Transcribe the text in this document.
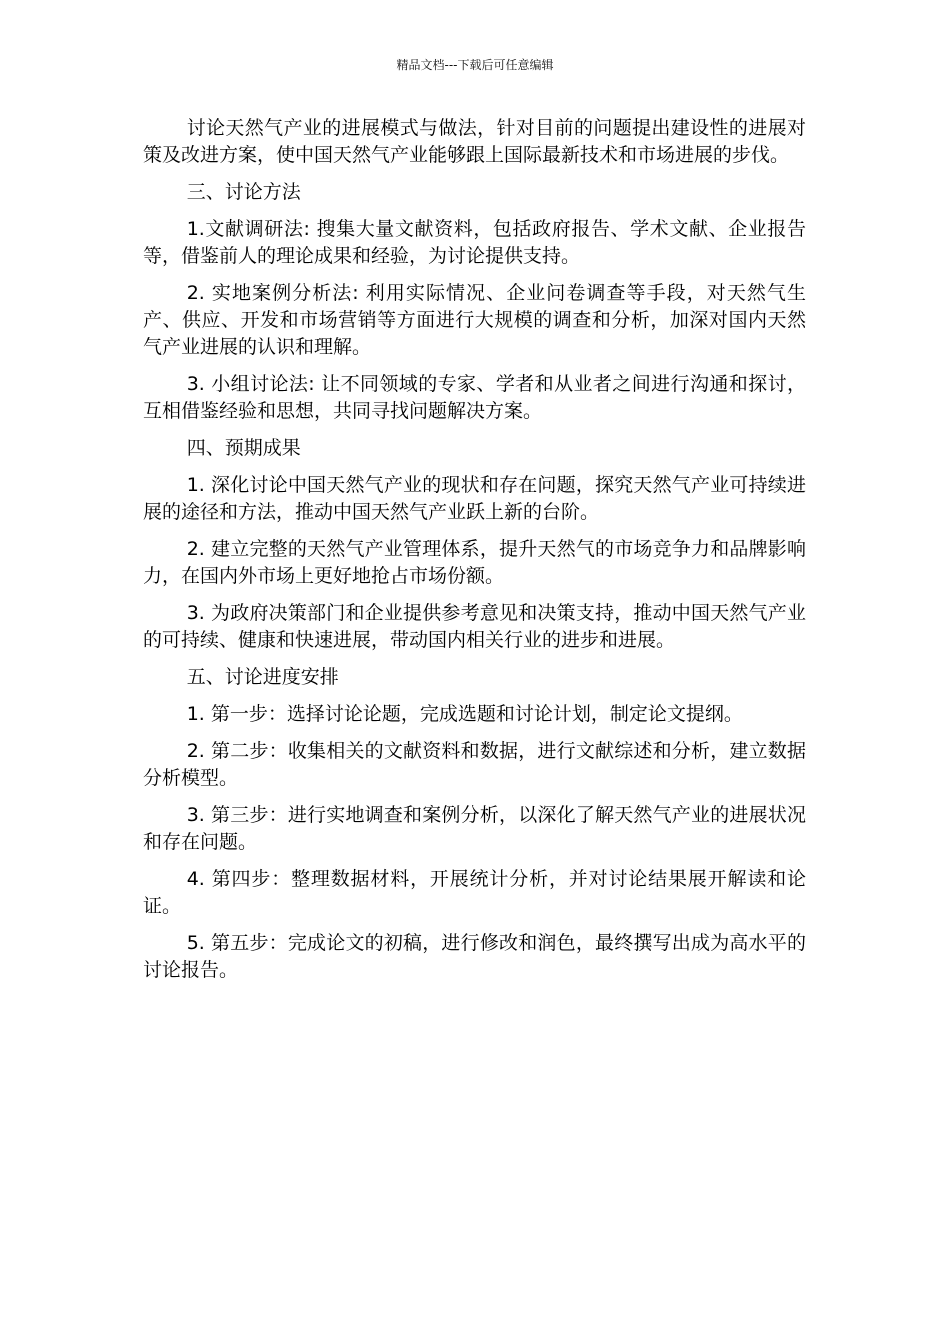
精品文档---下载后可任意编辑

讨论天然气产业的进展模式与做法，针对目前的问题提出建设性的进展对策及改进方案，使中国天然气产业能够跟上国际最新技术和市场进展的步伐。

三、讨论方法

1.文献调研法: 搜集大量文献资料，包括政府报告、学术文献、企业报告等，借鉴前人的理论成果和经验，为讨论提供支持。

2. 实地案例分析法: 利用实际情况、企业问卷调查等手段，对天然气生产、供应、开发和市场营销等方面进行大规模的调查和分析，加深对国内天然气产业进展的认识和理解。

3. 小组讨论法: 让不同领域的专家、学者和从业者之间进行沟通和探讨，互相借鉴经验和思想，共同寻找问题解决方案。

四、预期成果

1. 深化讨论中国天然气产业的现状和存在问题，探究天然气产业可持续进展的途径和方法，推动中国天然气产业跃上新的台阶。

2. 建立完整的天然气产业管理体系，提升天然气的市场竞争力和品牌影响力，在国内外市场上更好地抢占市场份额。

3. 为政府决策部门和企业提供参考意见和决策支持，推动中国天然气产业的可持续、健康和快速进展，带动国内相关行业的进步和进展。

五、讨论进度安排

1. 第一步：选择讨论论题，完成选题和讨论计划，制定论文提纲。

2. 第二步：收集相关的文献资料和数据，进行文献综述和分析，建立数据分析模型。

3. 第三步：进行实地调查和案例分析，以深化了解天然气产业的进展状况和存在问题。

4. 第四步：整理数据材料，开展统计分析，并对讨论结果展开解读和论证。

5. 第五步：完成论文的初稿，进行修改和润色，最终撰写出成为高水平的讨论报告。
